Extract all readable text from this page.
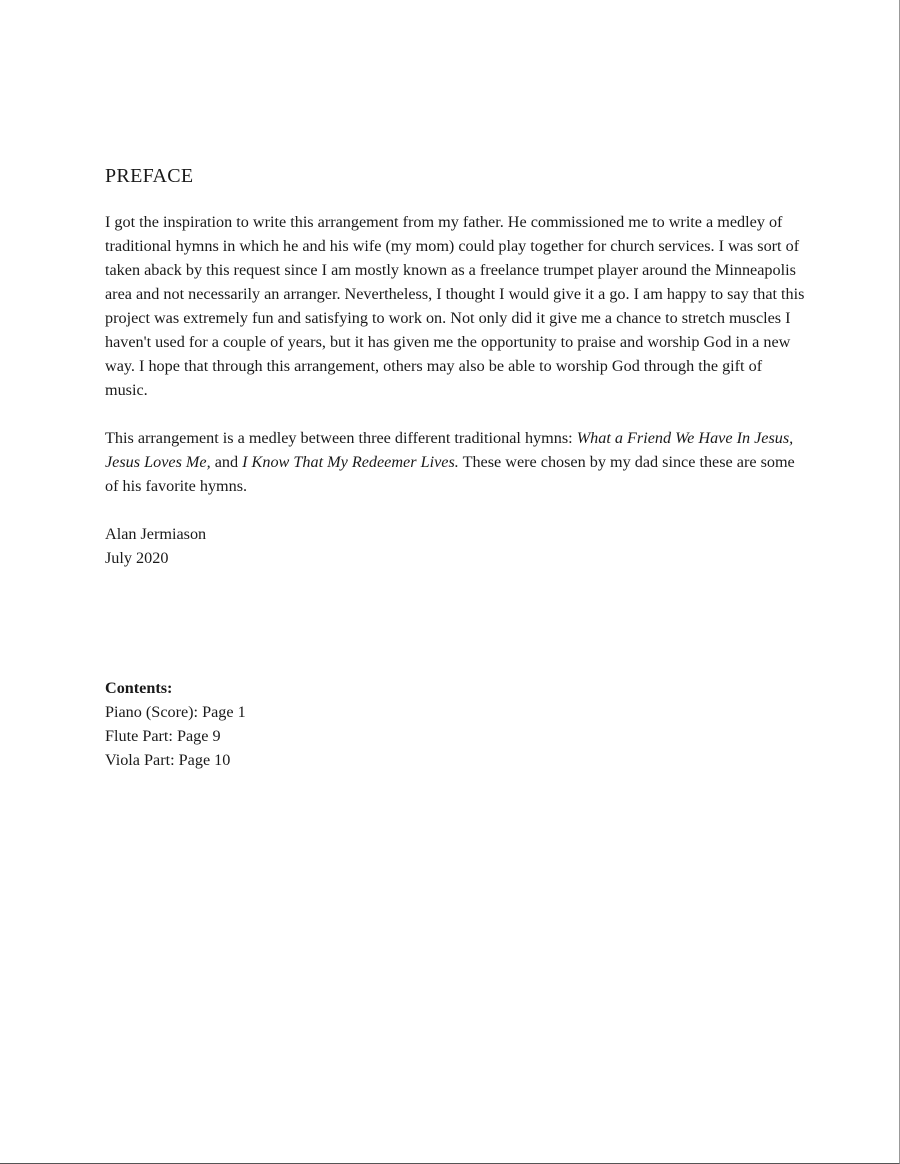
PREFACE

I got the inspiration to write this arrangement from my father. He commissioned me to write a medley of traditional hymns in which he and his wife (my mom) could play together for church services. I was sort of taken aback by this request since I am mostly known as a freelance trumpet player around the Minneapolis area and not necessarily an arranger. Nevertheless, I thought I would give it a go. I am happy to say that this project was extremely fun and satisfying to work on. Not only did it give me a chance to stretch muscles I haven't used for a couple of years, but it has given me the opportunity to praise and worship God in a new way. I hope that through this arrangement, others may also be able to worship God through the gift of music.

This arrangement is a medley between three different traditional hymns: What a Friend We Have In Jesus, Jesus Loves Me, and I Know That My Redeemer Lives. These were chosen by my dad since these are some of his favorite hymns.

Alan Jermiason
July 2020
Contents:
Piano (Score): Page 1
Flute Part: Page 9
Viola Part: Page 10
